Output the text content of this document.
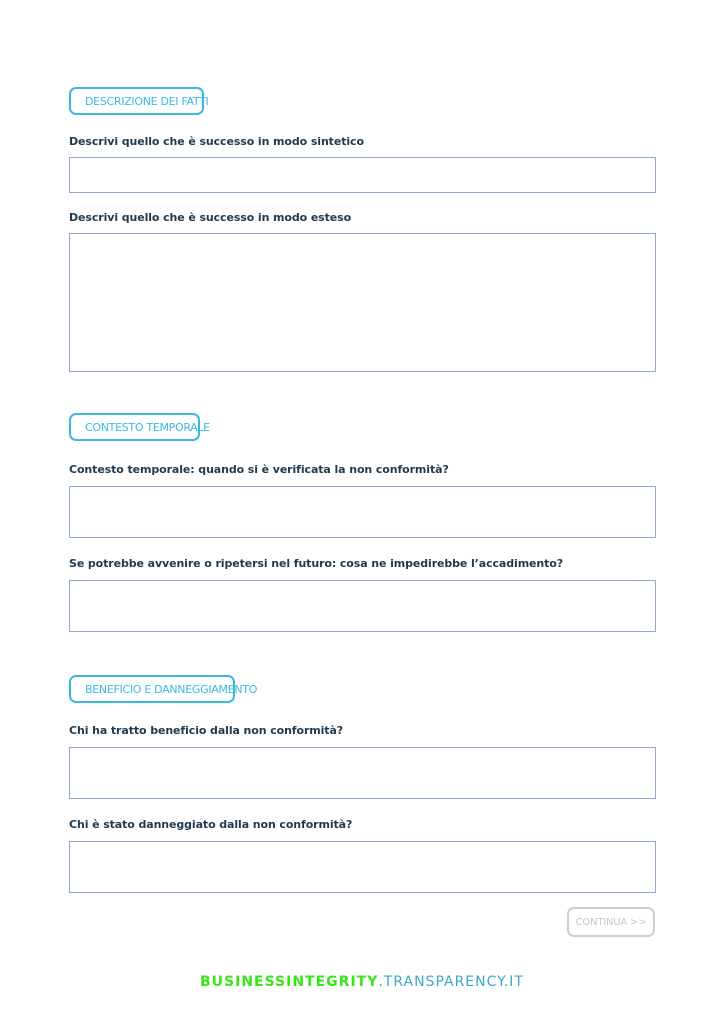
DESCRIZIONE DEI FATTI
Descrivi quello che è successo in modo sintetico
Descrivi quello che è successo in modo esteso
CONTESTO TEMPORALE
Contesto temporale: quando si è verificata la non conformità?
Se potrebbe avvenire o ripetersi nel futuro: cosa ne impedirebbe l’accadimento?
BENEFICIO E DANNEGGIAMENTO
Chi ha tratto beneficio dalla non conformità?
Chi è stato danneggiato dalla non conformità?
CONTINUA >>
BUSINESSINTEGRITY.TRANSPARENCY.IT
